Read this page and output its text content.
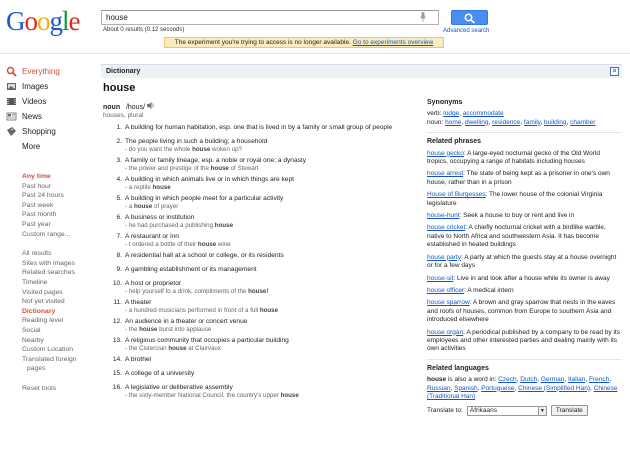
Google	house
About 0 results (0.12 seconds)	Advanced search
The experiment you're trying to access is no longer available. Go to experiments overview
Everything
Images
Videos
News
Shopping
More
Any time
Past hour
Past 24 hours
Past week
Past month
Past year
Custom range...
All results
Sites with images
Related searches
Timeline
Visited pages
Not yet visited
Dictionary
Reading level
Social
Nearby
Custom Location
Translated foreign
pages
Reset tools
Dictionary	×
house
noun /hous/
houses, plural
1. A building for human habitation, esp. one that is lived in by a family or small group of people
2. The people living in such a building; a household
- do you want the whole house woken up?
3. A family or family lineage, esp. a noble or royal one; a dynasty
- the power and prestige of the house of Stewart
4. A building in which animals live or in which things are kept
- a reptile house
5. A building in which people meet for a particular activity
- a house of prayer
6. A business or institution
- he had purchased a publishing house
7. A restaurant or inn
- I ordered a bottle of their house wine
8. A residential hall at a school or college, or its residents
9. A gambling establishment or its management
10. A host or proprietor
- help yourself to a drink, compliments of the house!
11. A theater
- a hundred musicians performed in front of a full house
12. An audience in a theater or concert venue
- the house burst into applause
13. A religious community that occupies a particular building
- the Cistercian house at Clairvaux
14. A brothel
15. A college of a university
16. A legislative or deliberative assembly
- the sixty-member National Council, the country's upper house
Synonyms
verb: lodge, accommodate
noun: home, dwelling, residence, family, building, chamber
Related phrases
house gecko: A large-eyed nocturnal gecko of the Old World tropics, occupying a range of habitats including houses
house arrest: The state of being kept as a prisoner in one's own house, rather than in a prison
House of Burgesses: The lower house of the colonial Virginia legislature
house-hunt: Seek a house to buy or rent and live in
house cricket: A chiefly nocturnal cricket with a birdlike warble, native to North Africa and southwestern Asia. It has become established in heated buildings
house party: A party at which the guests stay at a house overnight or for a few days
house-sit: Live in and look after a house while its owner is away
house officer: A medical intern
house sparrow: A brown and gray sparrow that nests in the eaves and roofs of houses, common from Europe to southern Asia and introduced elsewhere
house organ: A periodical published by a company to be read by its employees and other interested parties and dealing mainly with its own activities
Related languages
house is also a word in: Czech, Dutch, German, Italian, French, Russian, Spanish, Portuguese, Chinese (Simplified Han), Chinese (Traditional Han)
Translate to:	Afrikaans	▼	Translate
